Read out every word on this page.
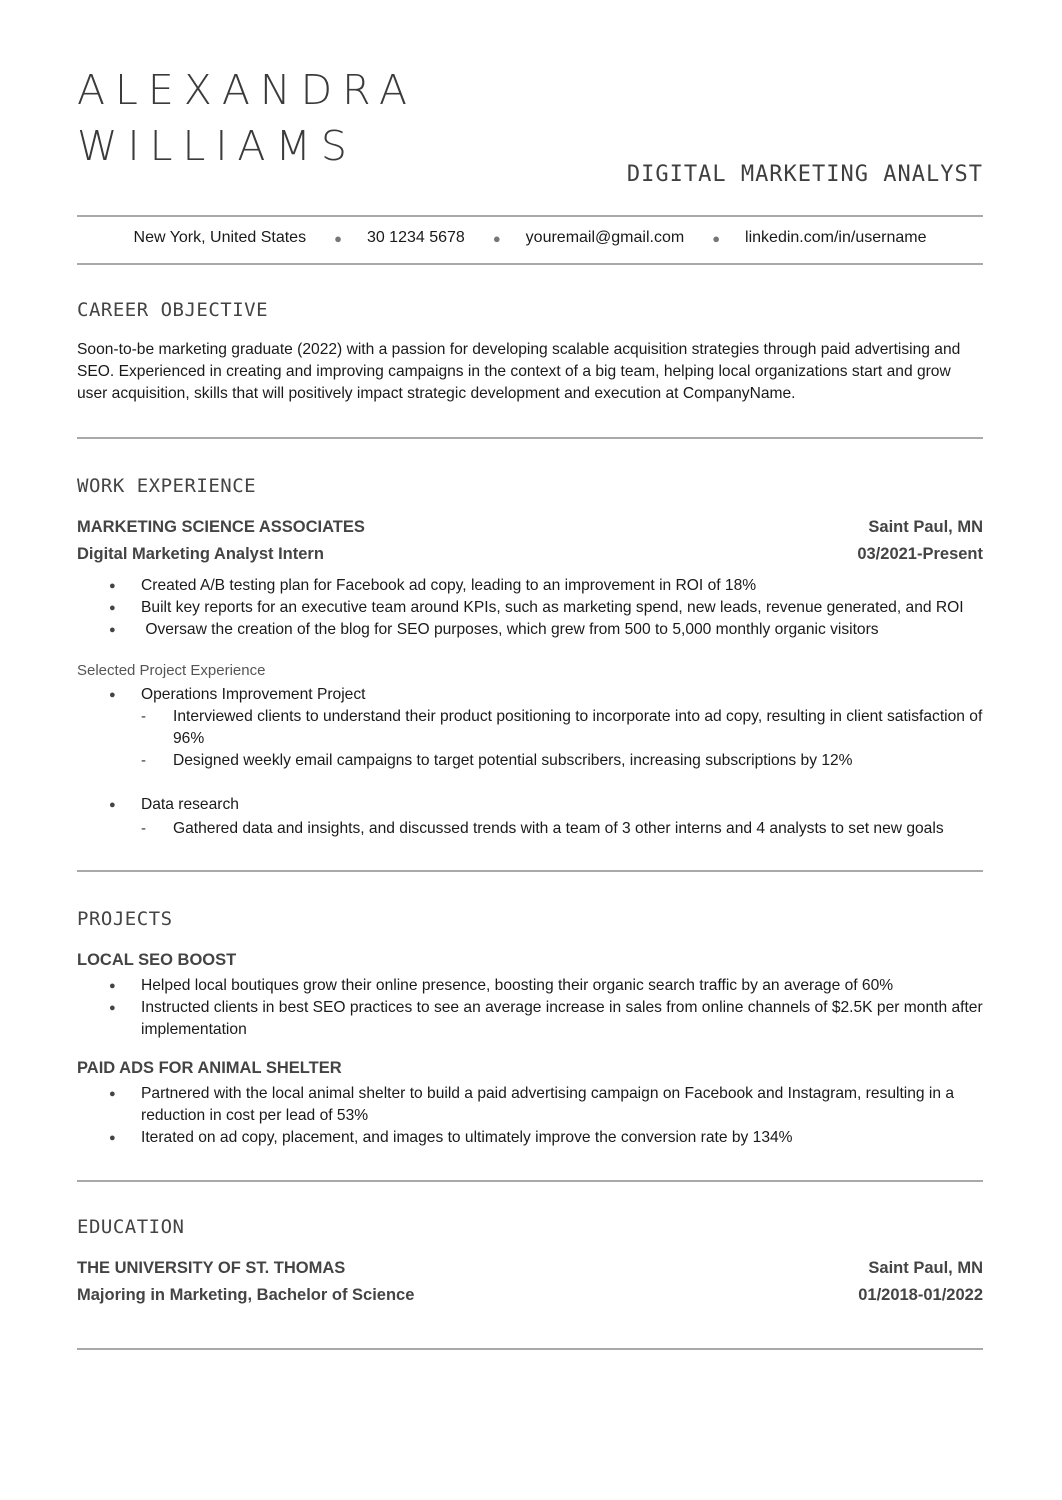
ALEXANDRA
WILLIAMS
DIGITAL MARKETING ANALYST
New York, United States ● 30 1234 5678 ● youremail@gmail.com ● linkedin.com/in/username
CAREER OBJECTIVE
Soon-to-be marketing graduate (2022) with a passion for developing scalable acquisition strategies through paid advertising and SEO. Experienced in creating and improving campaigns in the context of a big team, helping local organizations start and grow user acquisition, skills that will positively impact strategic development and execution at CompanyName.
WORK EXPERIENCE
MARKETING SCIENCE ASSOCIATES	Saint Paul, MN
Digital Marketing Analyst Intern	03/2021-Present
● Created A/B testing plan for Facebook ad copy, leading to an improvement in ROI of 18%
● Built key reports for an executive team around KPIs, such as marketing spend, new leads, revenue generated, and ROI
●  Oversaw the creation of the blog for SEO purposes, which grew from 500 to 5,000 monthly organic visitors
Selected Project Experience
● Operations Improvement Project
- Interviewed clients to understand their product positioning to incorporate into ad copy, resulting in client satisfaction of 96%
- Designed weekly email campaigns to target potential subscribers, increasing subscriptions by 12%
● Data research
- Gathered data and insights, and discussed trends with a team of 3 other interns and 4 analysts to set new goals
PROJECTS
LOCAL SEO BOOST
● Helped local boutiques grow their online presence, boosting their organic search traffic by an average of 60%
● Instructed clients in best SEO practices to see an average increase in sales from online channels of $2.5K per month after implementation
PAID ADS FOR ANIMAL SHELTER
● Partnered with the local animal shelter to build a paid advertising campaign on Facebook and Instagram, resulting in a reduction in cost per lead of 53%
● Iterated on ad copy, placement, and images to ultimately improve the conversion rate by 134%
EDUCATION
THE UNIVERSITY OF ST. THOMAS	Saint Paul, MN
Majoring in Marketing, Bachelor of Science	01/2018-01/2022
